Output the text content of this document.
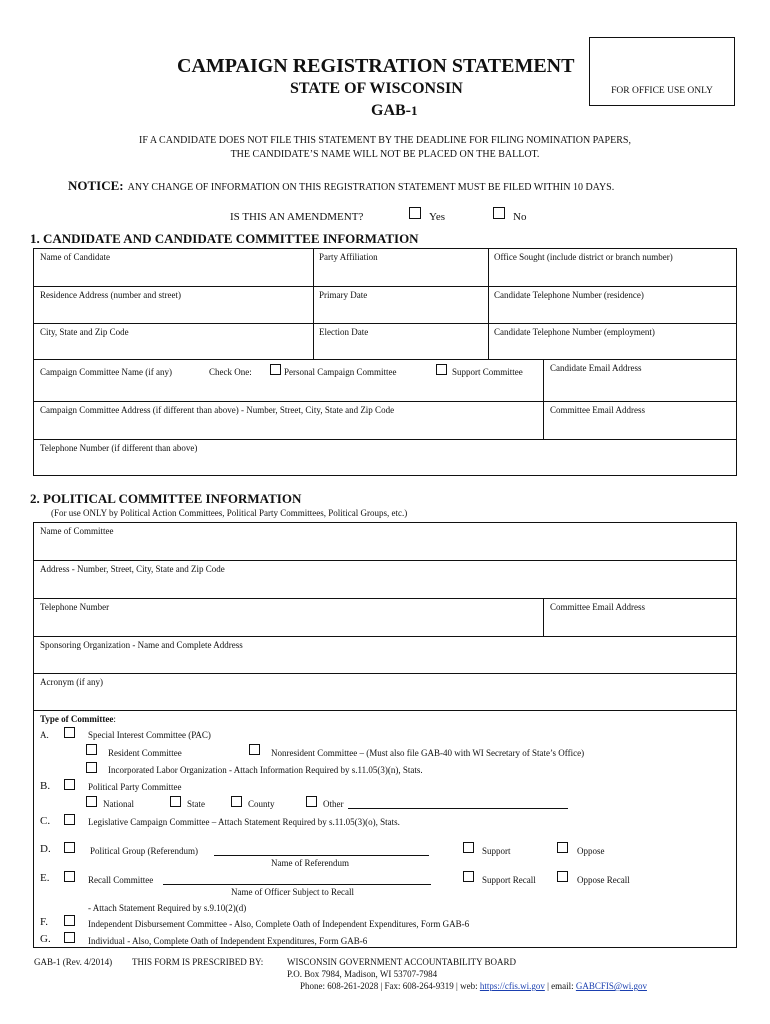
FOR OFFICE USE ONLY
CAMPAIGN REGISTRATION STATEMENT
STATE OF WISCONSIN
GAB-1
IF A CANDIDATE DOES NOT FILE THIS STATEMENT BY THE DEADLINE FOR FILING NOMINATION PAPERS,
THE CANDIDATE’S NAME WILL NOT BE PLACED ON THE BALLOT.
NOTICE: ANY CHANGE OF INFORMATION ON THIS REGISTRATION STATEMENT MUST BE FILED WITHIN 10 DAYS.
IS THIS AN AMENDMENT?	Yes	No
1. CANDIDATE AND CANDIDATE COMMITTEE INFORMATION
Name of Candidate	Party Affiliation	Office Sought (include district or branch number)
Residence Address (number and street)	Primary Date	Candidate Telephone Number (residence)
City, State and Zip Code	Election Date	Candidate Telephone Number (employment)
Campaign Committee Name (if any)	Check One:	Personal Campaign Committee	Support Committee	Candidate Email Address
Campaign Committee Address (if different than above) - Number, Street, City, State and Zip Code	Committee Email Address
Telephone Number (if different than above)
2. POLITICAL COMMITTEE INFORMATION
(For use ONLY by Political Action Committees, Political Party Committees, Political Groups, etc.)
Name of Committee
Address - Number, Street, City, State and Zip Code
Telephone Number	Committee Email Address
Sponsoring Organization - Name and Complete Address
Acronym (if any)
Type of Committee:
A.	Special Interest Committee (PAC)
Resident Committee	Nonresident Committee – (Must also file GAB-40 with WI Secretary of State’s Office)
Incorporated Labor Organization - Attach Information Required by s.11.05(3)(n), Stats.
B.	Political Party Committee
National	State	County	Other
C.	Legislative Campaign Committee – Attach Statement Required by s.11.05(3)(o), Stats.
D.	Political Group (Referendum)	Support	Oppose
Name of Referendum
E.	Recall Committee	Support Recall	Oppose Recall
Name of Officer Subject to Recall
- Attach Statement Required by s.9.10(2)(d)
F.	Independent Disbursement Committee - Also, Complete Oath of Independent Expenditures, Form GAB-6
G.	Individual - Also, Complete Oath of Independent Expenditures, Form GAB-6
GAB-1 (Rev. 4/2014) THIS FORM IS PRESCRIBED BY:	WISCONSIN GOVERNMENT ACCOUNTABILITY BOARD
P.O. Box 7984, Madison, WI 53707-7984
Phone: 608-261-2028 | Fax: 608-264-9319 | web: https://cfis.wi.gov | email: GABCFIS@wi.gov
